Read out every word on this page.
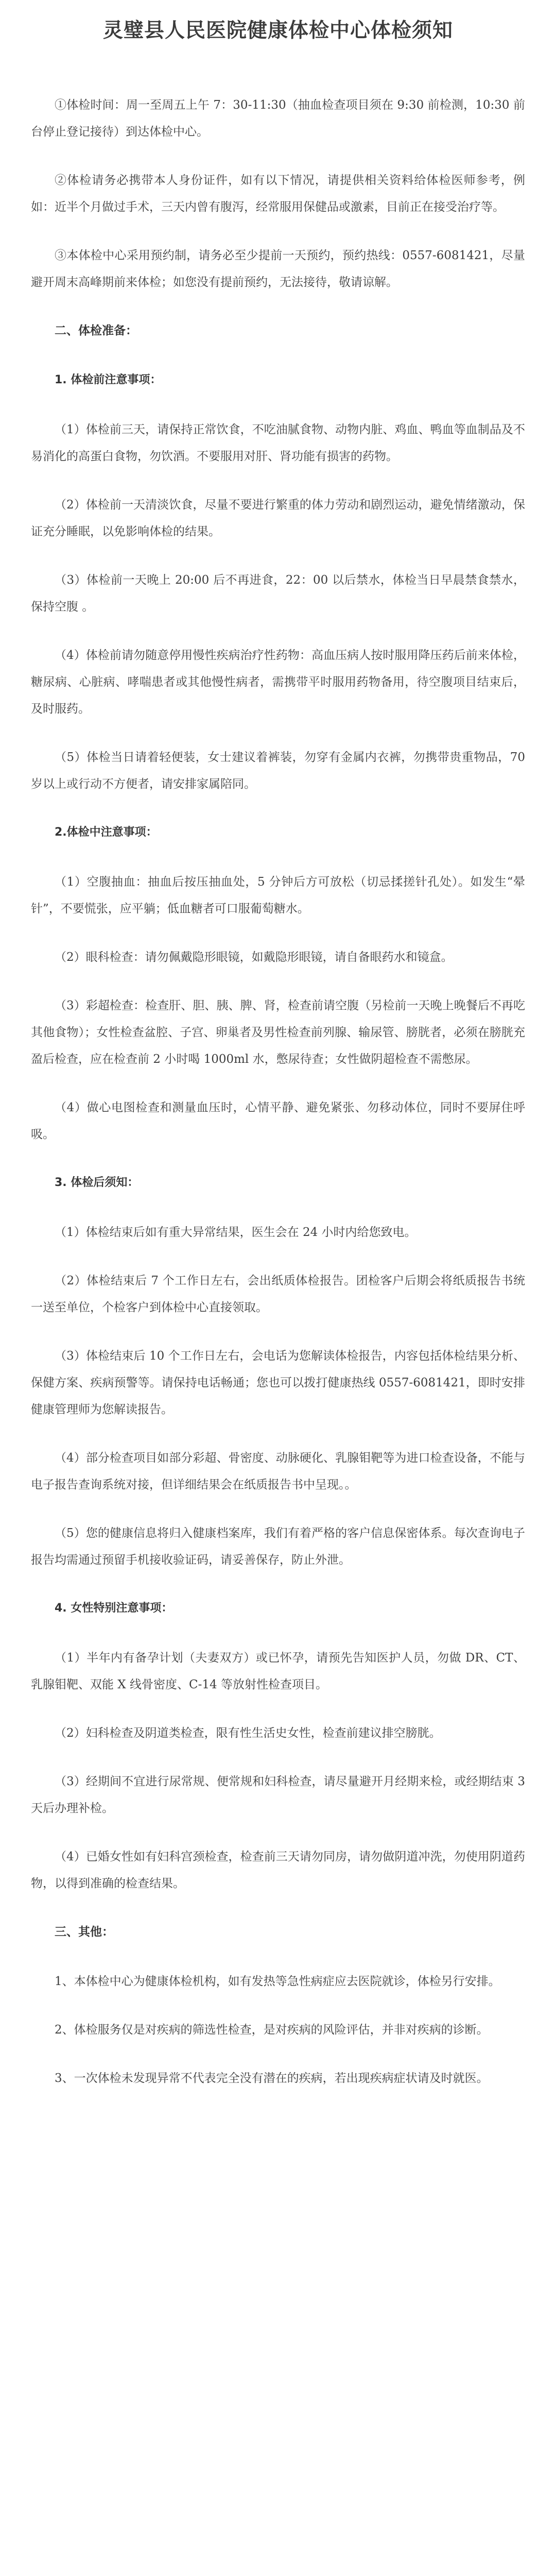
灵璧县人民医院健康体检中心体检须知

①体检时间：周一至周五上午 7：30-11:30（抽血检查项目须在 9:30 前检测，10:30 前台停止登记接待）到达体检中心。

②体检请务必携带本人身份证件，如有以下情况，请提供相关资料给体检医师参考，例如：近半个月做过手术，三天内曾有腹泻，经常服用保健品或激素，目前正在接受治疗等。

③本体检中心采用预约制，请务必至少提前一天预约，预约热线：0557-6081421，尽量避开周末高峰期前来体检；如您没有提前预约，无法接待，敬请谅解。

二、体检准备：

1. 体检前注意事项：

（1）体检前三天，请保持正常饮食，不吃油腻食物、动物内脏、鸡血、鸭血等血制品及不易消化的高蛋白食物，勿饮酒。不要服用对肝、肾功能有损害的药物。

（2）体检前一天清淡饮食，尽量不要进行繁重的体力劳动和剧烈运动，避免情绪激动，保证充分睡眠，以免影响体检的结果。

（3）体检前一天晚上 20:00 后不再进食，22：00 以后禁水，体检当日早晨禁食禁水，保持空腹 。

（4）体检前请勿随意停用慢性疾病治疗性药物：高血压病人按时服用降压药后前来体检，糖尿病、心脏病、哮喘患者或其他慢性病者，需携带平时服用药物备用，待空腹项目结束后，及时服药。

（5）体检当日请着轻便装，女士建议着裤装，勿穿有金属内衣裤，勿携带贵重物品，70 岁以上或行动不方便者，请安排家属陪同。

2.体检中注意事项：

（1）空腹抽血：抽血后按压抽血处，5 分钟后方可放松（切忌揉搓针孔处）。如发生“晕针”，不要慌张，应平躺；低血糖者可口服葡萄糖水。

（2）眼科检查：请勿佩戴隐形眼镜，如戴隐形眼镜，请自备眼药水和镜盒。

（3）彩超检查：检查肝、胆、胰、脾、肾，检查前请空腹（另检前一天晚上晚餐后不再吃其他食物）；女性检查盆腔、子宫、卵巢者及男性检查前列腺、输尿管、膀胱者，必须在膀胱充盈后检查，应在检查前 2 小时喝 1000ml 水，憋尿待查；女性做阴超检查不需憋尿。

（4）做心电图检查和测量血压时，心情平静、避免紧张、勿移动体位，同时不要屏住呼吸。

3. 体检后须知：

（1）体检结束后如有重大异常结果，医生会在 24 小时内给您致电。

（2）体检结束后 7 个工作日左右，会出纸质体检报告。团检客户后期会将纸质报告书统一送至单位，个检客户到体检中心直接领取。

（3）体检结束后 10 个工作日左右，会电话为您解读体检报告，内容包括体检结果分析、保健方案、疾病预警等。请保持电话畅通；您也可以拨打健康热线 0557-6081421，即时安排健康管理师为您解读报告。

（4）部分检查项目如部分彩超、骨密度、动脉硬化、乳腺钼靶等为进口检查设备，不能与电子报告查询系统对接，但详细结果会在纸质报告书中呈现。。

（5）您的健康信息将归入健康档案库，我们有着严格的客户信息保密体系。每次查询电子报告均需通过预留手机接收验证码，请妥善保存，防止外泄。

4. 女性特别注意事项：

（1）半年内有备孕计划（夫妻双方）或已怀孕，请预先告知医护人员，勿做 DR、CT、乳腺钼靶、双能 X 线骨密度、C-14 等放射性检查项目。

（2）妇科检查及阴道类检查，限有性生活史女性，检查前建议排空膀胱。

（3）经期间不宜进行尿常规、便常规和妇科检查，请尽量避开月经期来检，或经期结束 3 天后办理补检。

（4）已婚女性如有妇科宫颈检查，检查前三天请勿同房，请勿做阴道冲洗，勿使用阴道药物，以得到准确的检查结果。

三、其他：

1、本体检中心为健康体检机构，如有发热等急性病症应去医院就诊，体检另行安排。

2、体检服务仅是对疾病的筛选性检查，是对疾病的风险评估，并非对疾病的诊断。

3、一次体检未发现异常不代表完全没有潜在的疾病，若出现疾病症状请及时就医。
